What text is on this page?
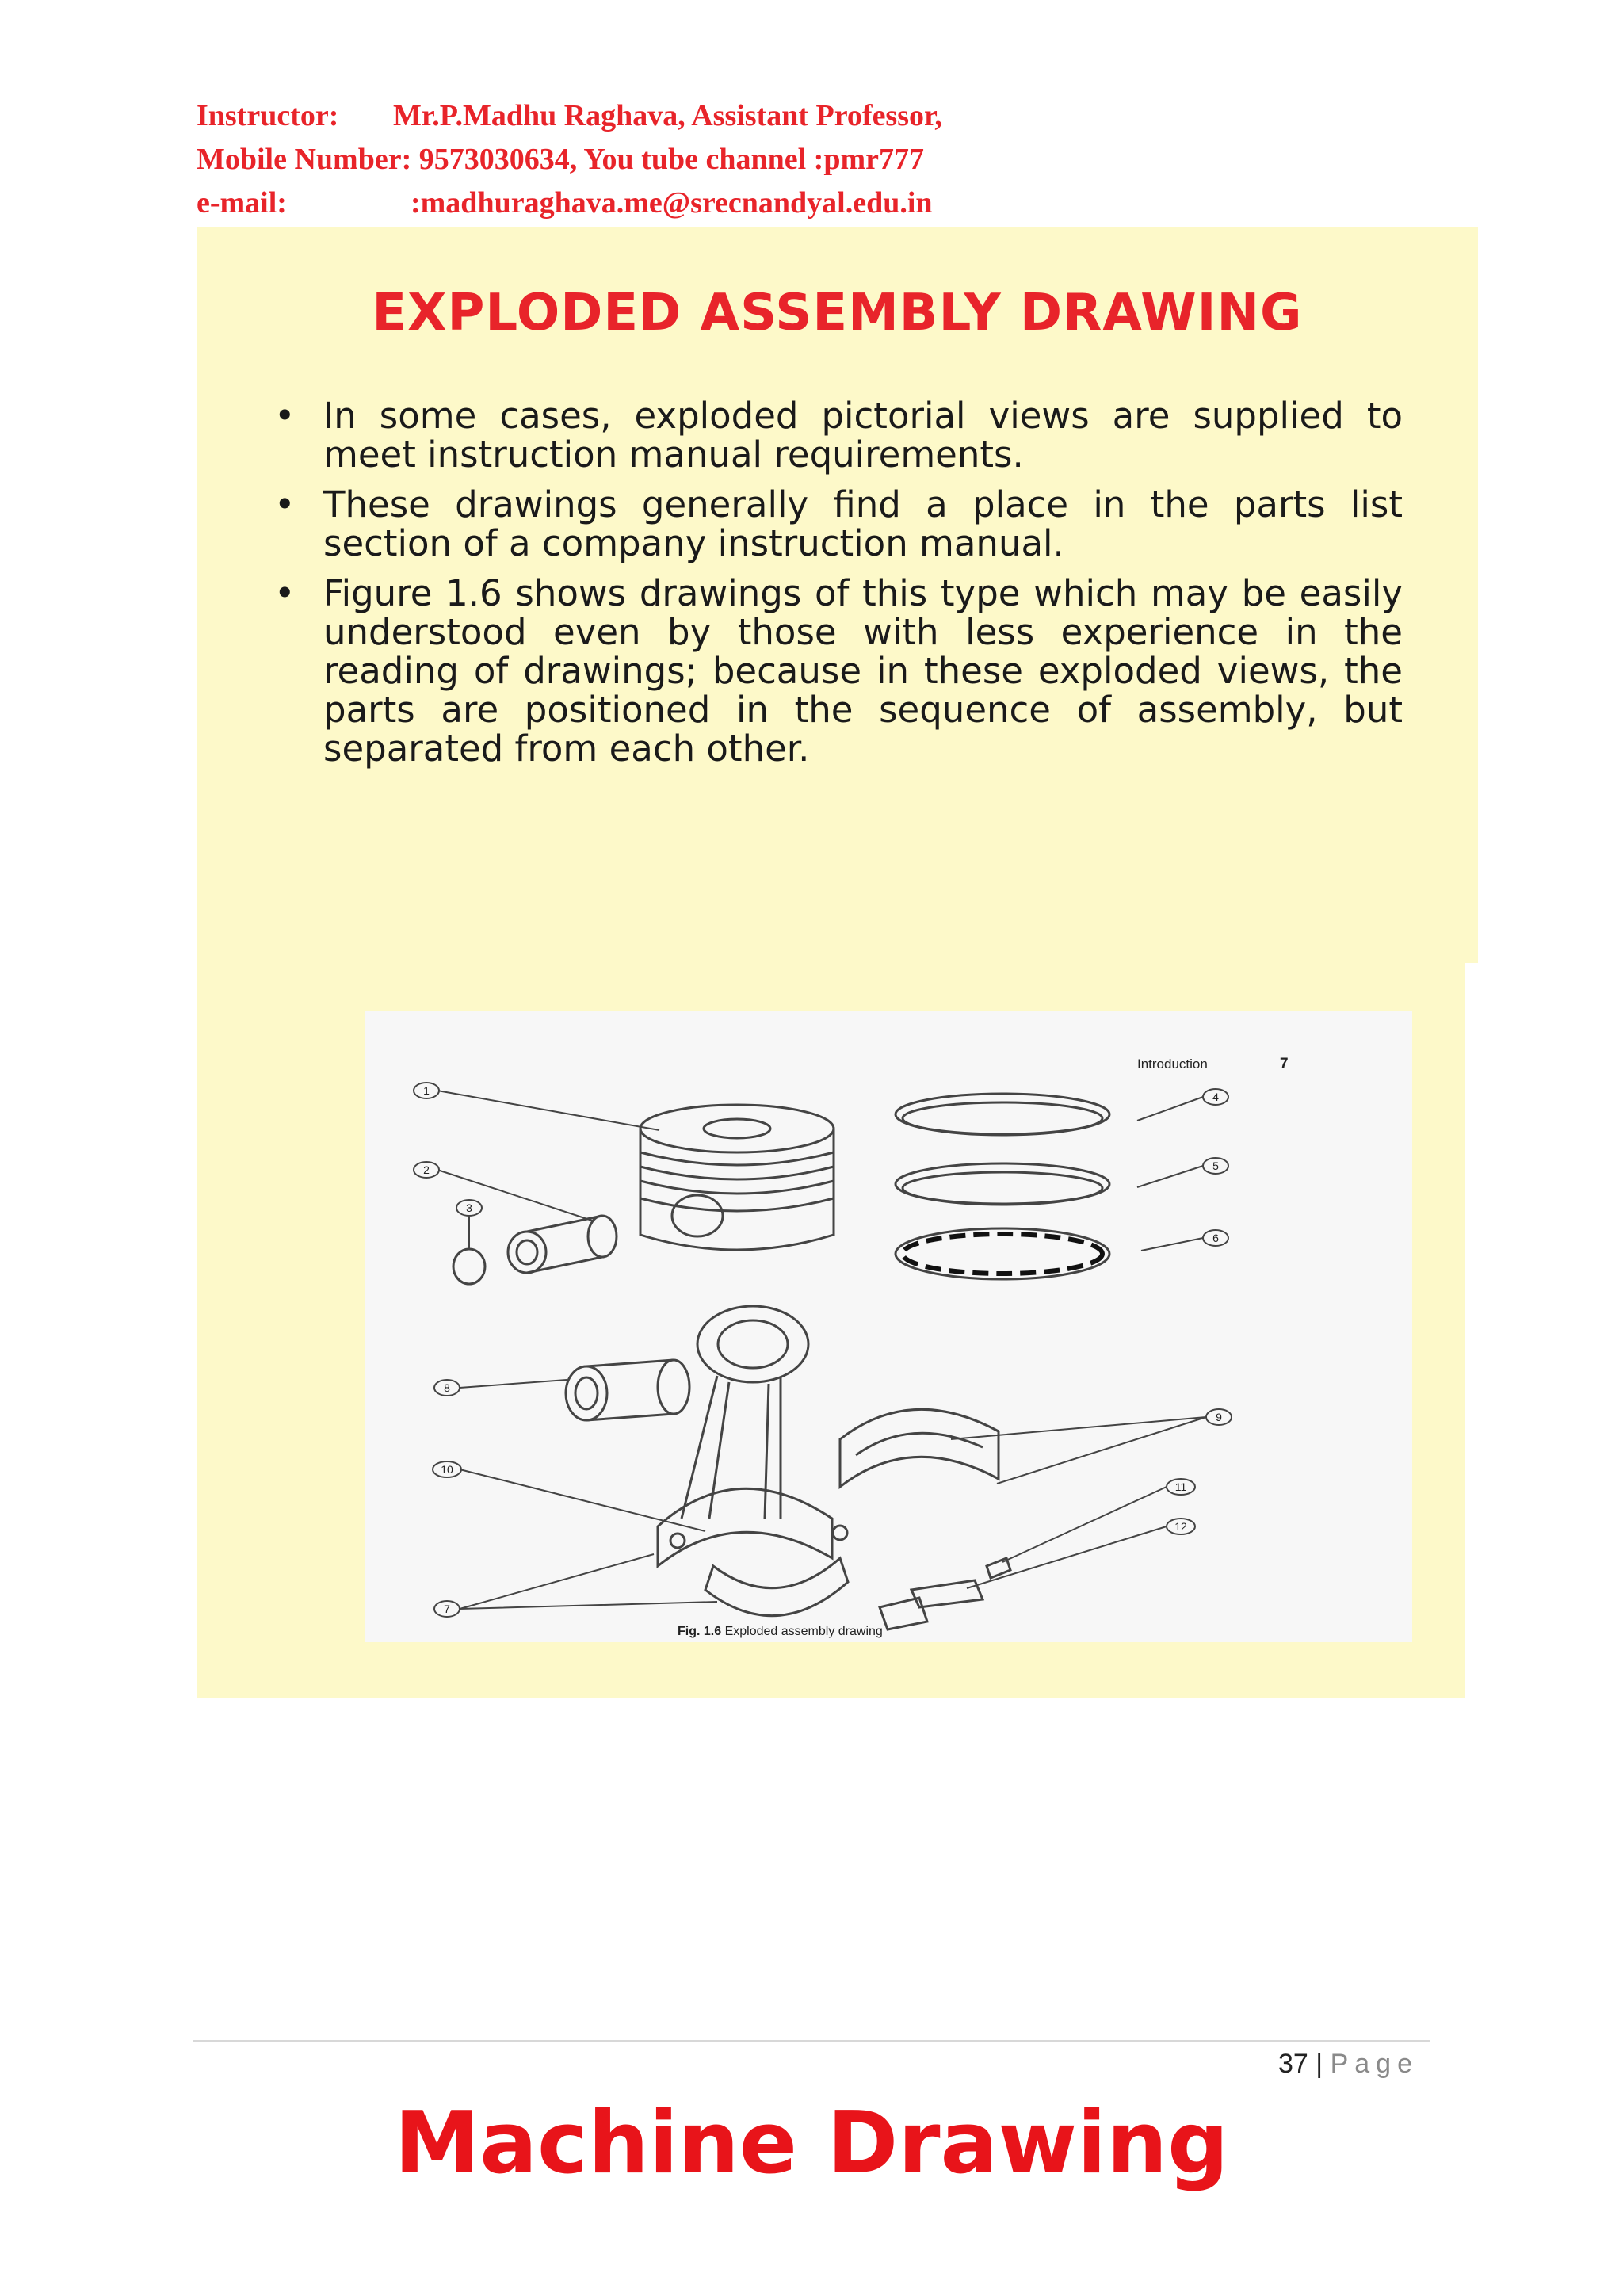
Instructor: Mr.P.Madhu Raghava, Assistant Professor,

Mobile Number: 9573030634, You tube channel :pmr777

e-mail:	:madhuraghava.me@srecnandyal.edu.in

EXPLODED ASSEMBLY DRAWING
• In some cases, exploded pictorial views are supplied to meet instruction manual requirements.
• These drawings generally find a place in the parts list section of a company instruction manual.
• Figure 1.6 shows drawings of this type which may be easily understood even by those with less experience in the reading of drawings; because in these exploded views, the parts are positioned in the sequence of assembly, but separated from each other.
Introduction	7
1
2
3
4
5
6
7
8
9
10
11
12
Fig. 1.6 Exploded assembly drawing
37 | Page
Machine Drawing
